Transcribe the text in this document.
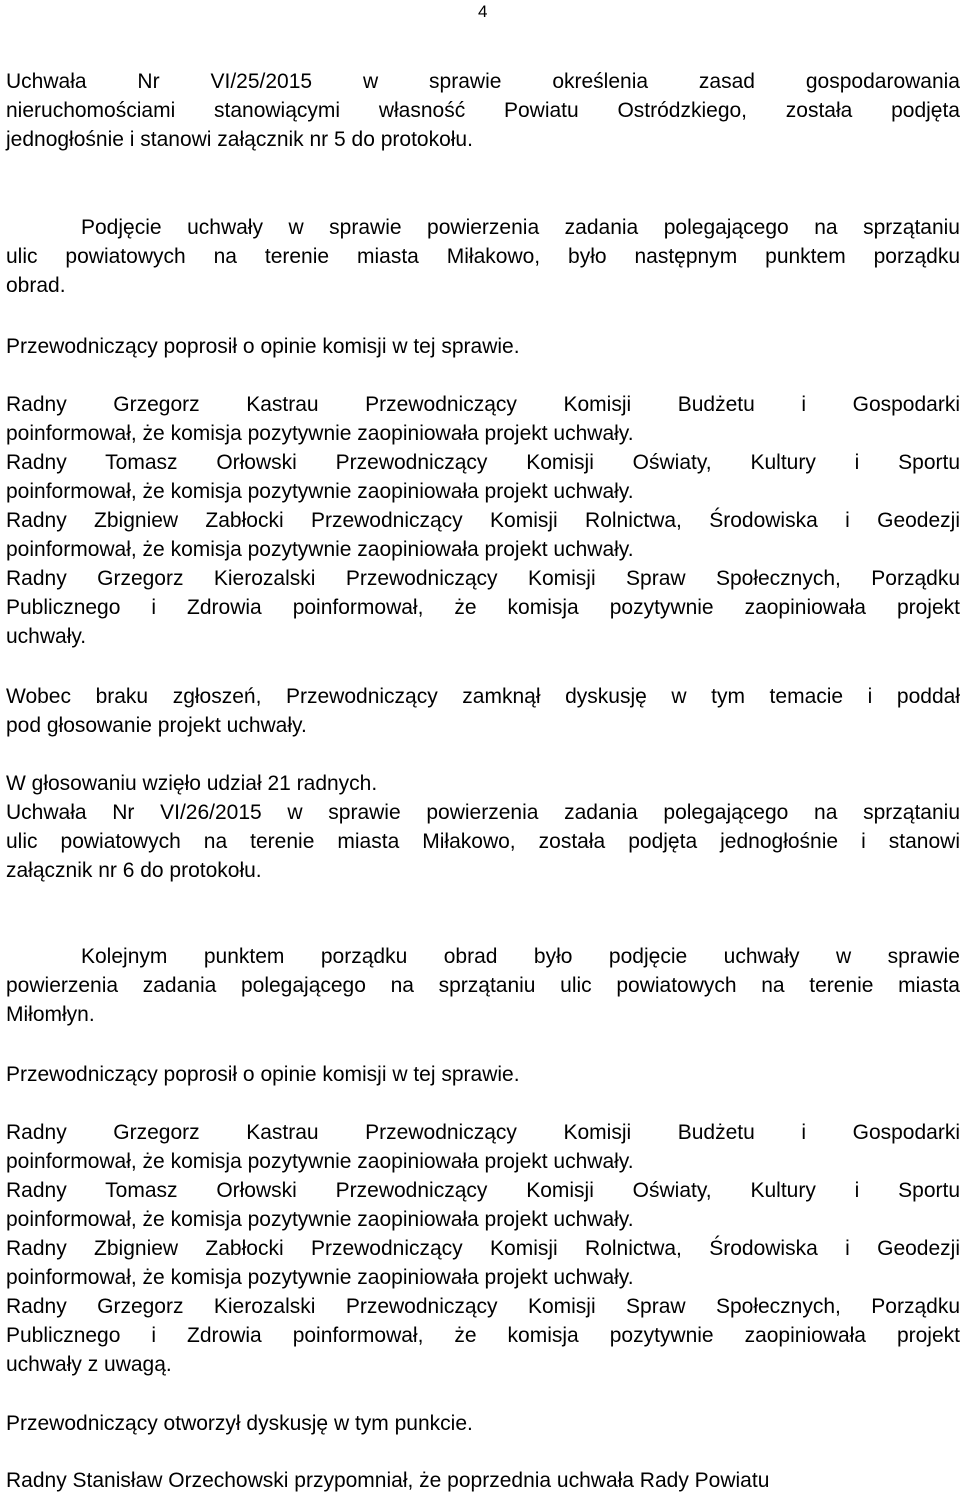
4
Uchwała Nr VI/25/2015 w sprawie określenia zasad gospodarowania
nieruchomościami stanowiącymi własność Powiatu Ostródzkiego, została podjęta
jednogłośnie i stanowi załącznik nr 5 do protokołu.
Podjęcie uchwały w sprawie powierzenia zadania polegającego na sprzątaniu
ulic powiatowych na terenie miasta Miłakowo, było następnym punktem porządku
obrad.
Przewodniczący poprosił o opinie komisji w tej sprawie.
Radny Grzegorz Kastrau Przewodniczący Komisji Budżetu i Gospodarki
poinformował, że komisja pozytywnie zaopiniowała projekt uchwały.
Radny Tomasz Orłowski Przewodniczący Komisji Oświaty, Kultury i Sportu
poinformował, że komisja pozytywnie zaopiniowała projekt uchwały.
Radny Zbigniew Zabłocki Przewodniczący Komisji Rolnictwa, Środowiska i Geodezji
poinformował, że komisja pozytywnie zaopiniowała projekt uchwały.
Radny Grzegorz Kierozalski Przewodniczący Komisji Spraw Społecznych, Porządku
Publicznego i Zdrowia poinformował, że komisja pozytywnie zaopiniowała projekt
uchwały.
Wobec braku zgłoszeń, Przewodniczący zamknął dyskusję w tym temacie i poddał
pod głosowanie projekt uchwały.
W głosowaniu wzięło udział 21 radnych.
Uchwała Nr VI/26/2015 w sprawie powierzenia zadania polegającego na sprzątaniu
ulic powiatowych na terenie miasta Miłakowo, została podjęta jednogłośnie i stanowi
załącznik nr 6 do protokołu.
Kolejnym punktem porządku obrad było podjęcie uchwały w sprawie
powierzenia zadania polegającego na sprzątaniu ulic powiatowych na terenie miasta
Miłomłyn.
Przewodniczący poprosił o opinie komisji w tej sprawie.
Radny Grzegorz Kastrau Przewodniczący Komisji Budżetu i Gospodarki
poinformował, że komisja pozytywnie zaopiniowała projekt uchwały.
Radny Tomasz Orłowski Przewodniczący Komisji Oświaty, Kultury i Sportu
poinformował, że komisja pozytywnie zaopiniowała projekt uchwały.
Radny Zbigniew Zabłocki Przewodniczący Komisji Rolnictwa, Środowiska i Geodezji
poinformował, że komisja pozytywnie zaopiniowała projekt uchwały.
Radny Grzegorz Kierozalski Przewodniczący Komisji Spraw Społecznych, Porządku
Publicznego i Zdrowia poinformował, że komisja pozytywnie zaopiniowała projekt
uchwały z uwagą.
Przewodniczący otworzył dyskusję w tym punkcie.
Radny Stanisław Orzechowski przypomniał, że poprzednia uchwała Rady Powiatu
